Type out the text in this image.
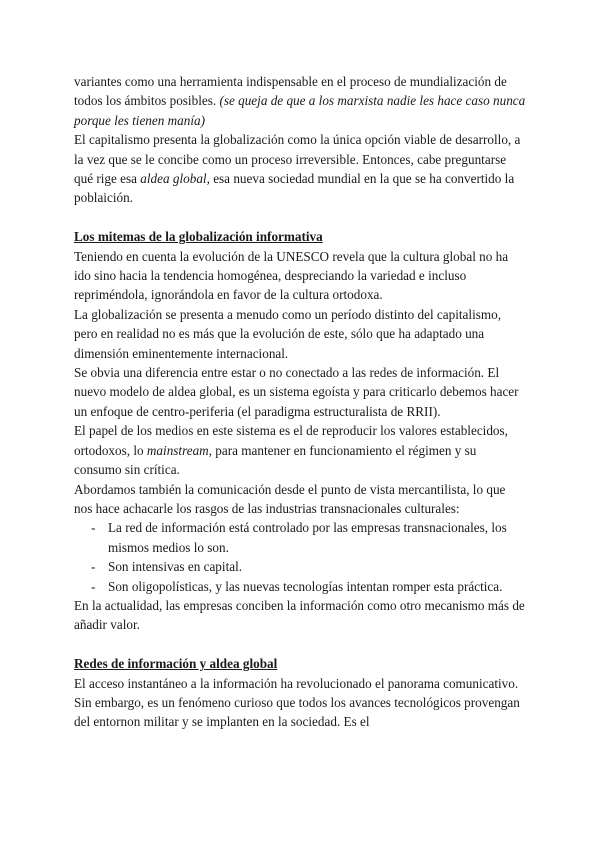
variantes como una herramienta indispensable en el proceso de mundialización de todos los ámbitos posibles. (se queja de que a los marxista nadie les hace caso nunca porque les tienen manía)

El capitalismo presenta la globalización como la única opción viable de desarrollo, a la vez que se le concibe como un proceso irreversible. Entonces, cabe preguntarse qué rige esa aldea global, esa nueva sociedad mundial en la que se ha convertido la poblaición.

Los mitemas de la globalización informativa

Teniendo en cuenta la evolución de la UNESCO revela que la cultura global no ha ido sino hacia la tendencia homogénea, despreciando la variedad e incluso repriméndola, ignorándola en favor de la cultura ortodoxa.

La globalización se presenta a menudo como un período distinto del capitalismo, pero en realidad no es más que la evolución de este, sólo que ha adaptado una dimensión eminentemente internacional.

Se obvia una diferencia entre estar o no conectado a las redes de información. El nuevo modelo de aldea global, es un sistema egoísta y para criticarlo debemos hacer un enfoque de centro-periferia (el paradigma estructuralista de RRII).

El papel de los medios en este sistema es el de reproducir los valores establecidos, ortodoxos, lo mainstream, para mantener en funcionamiento el régimen y su consumo sin crítica.

Abordamos también la comunicación desde el punto de vista mercantilista, lo que nos hace achacarle los rasgos de las industrias transnacionales culturales:

- La red de información está controlado por las empresas transnacionales, los mismos medios lo son.
- Son intensivas en capital.
- Son oligopolísticas, y las nuevas tecnologías intentan romper esta práctica.

En la actualidad, las empresas conciben la información como otro mecanismo más de añadir valor.

Redes de información y aldea global

El acceso instantáneo a la información ha revolucionado el panorama comunicativo. Sin embargo, es un fenómeno curioso que todos los avances tecnológicos provengan del entornon militar y se implanten en la sociedad. Es el
